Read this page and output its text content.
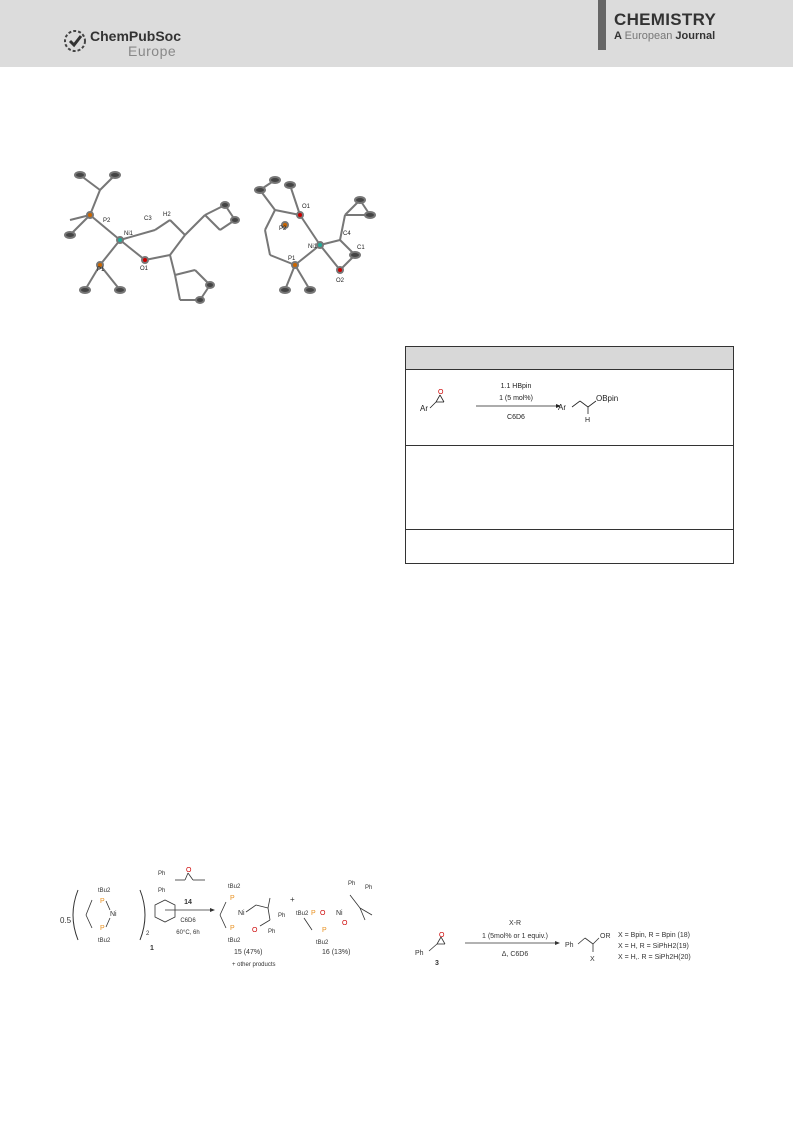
ChemPubSoc
Europe
CHEMISTRY
A European Journal
P2
Ni1
C3
H2
P1	O1
O1
P2
Ni1
C4
C1
P1
O2
Ar
O
1.1 HBpin
1 (5 mol%)
C6D6
Ar
OBpin
H
0.5
tBu2
P
Ni
P
tBu2
2
1
Ph
Ph
O
14
C6D6
60°C, 6h
tBu2
P
Ni
P
tBu2
O
Ph
Ph
15 (47%)
+ other products
+
tBu2 P O Ni
P
tBu2
O
Ph
Ph
16 (13%)	Ph
O
3
X-R
1 (5mol% or 1 equiv.)
Δ, C6D6
Ph
OR
X
X = Bpin, R = Bpin (18)
X = H, R = SiPhH2(19)
X = H,. R = SiPh2H(20)
